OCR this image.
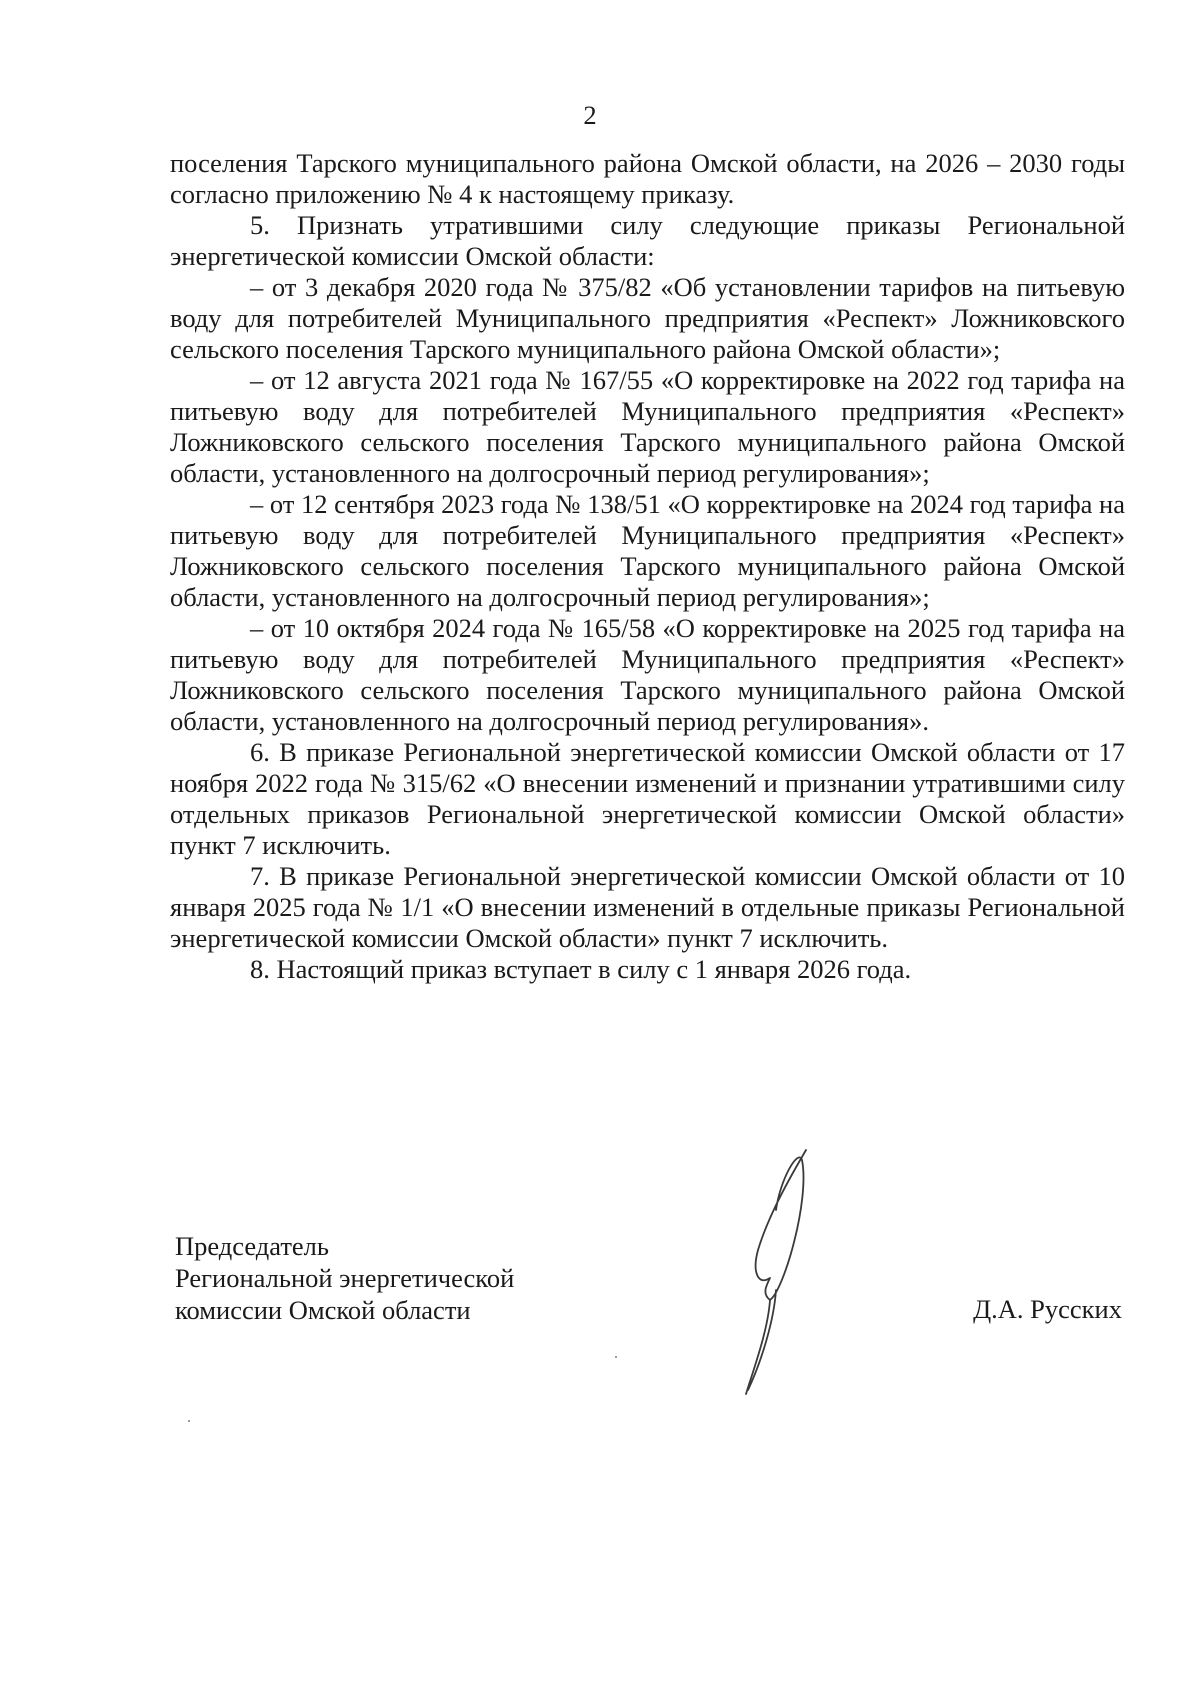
2

поселения Тарского муниципального района Омской области, на 2026 – 2030 годы согласно приложению № 4 к настоящему приказу.

5. Признать утратившими силу следующие приказы Региональной энергетической комиссии Омской области:

– от 3 декабря 2020 года № 375/82 «Об установлении тарифов на питьевую воду для потребителей Муниципального предприятия «Респект» Ложниковского сельского поселения Тарского муниципального района Омской области»;

– от 12 августа 2021 года № 167/55 «О корректировке на 2022 год тарифа на питьевую воду для потребителей Муниципального предприятия «Респект» Ложниковского сельского поселения Тарского муниципального района Омской области, установленного на долгосрочный период регулирования»;

– от 12 сентября 2023 года № 138/51 «О корректировке на 2024 год тарифа на питьевую воду для потребителей Муниципального предприятия «Респект» Ложниковского сельского поселения Тарского муниципального района Омской области, установленного на долгосрочный период регулирования»;

– от 10 октября 2024 года № 165/58 «О корректировке на 2025 год тарифа на питьевую воду для потребителей Муниципального предприятия «Респект» Ложниковского сельского поселения Тарского муниципального района Омской области, установленного на долгосрочный период регулирования».

6. В приказе Региональной энергетической комиссии Омской области от 17 ноября 2022 года № 315/62 «О внесении изменений и признании утратившими силу отдельных приказов Региональной энергетической комиссии Омской области» пункт 7 исключить.

7. В приказе Региональной энергетической комиссии Омской области от 10 января 2025 года № 1/1 «О внесении изменений в отдельные приказы Региональной энергетической комиссии Омской области» пункт 7 исключить.

8. Настоящий приказ вступает в силу с 1 января 2026 года.

Председатель
Региональной энергетической
комиссии Омской области	Д.А. Русских
